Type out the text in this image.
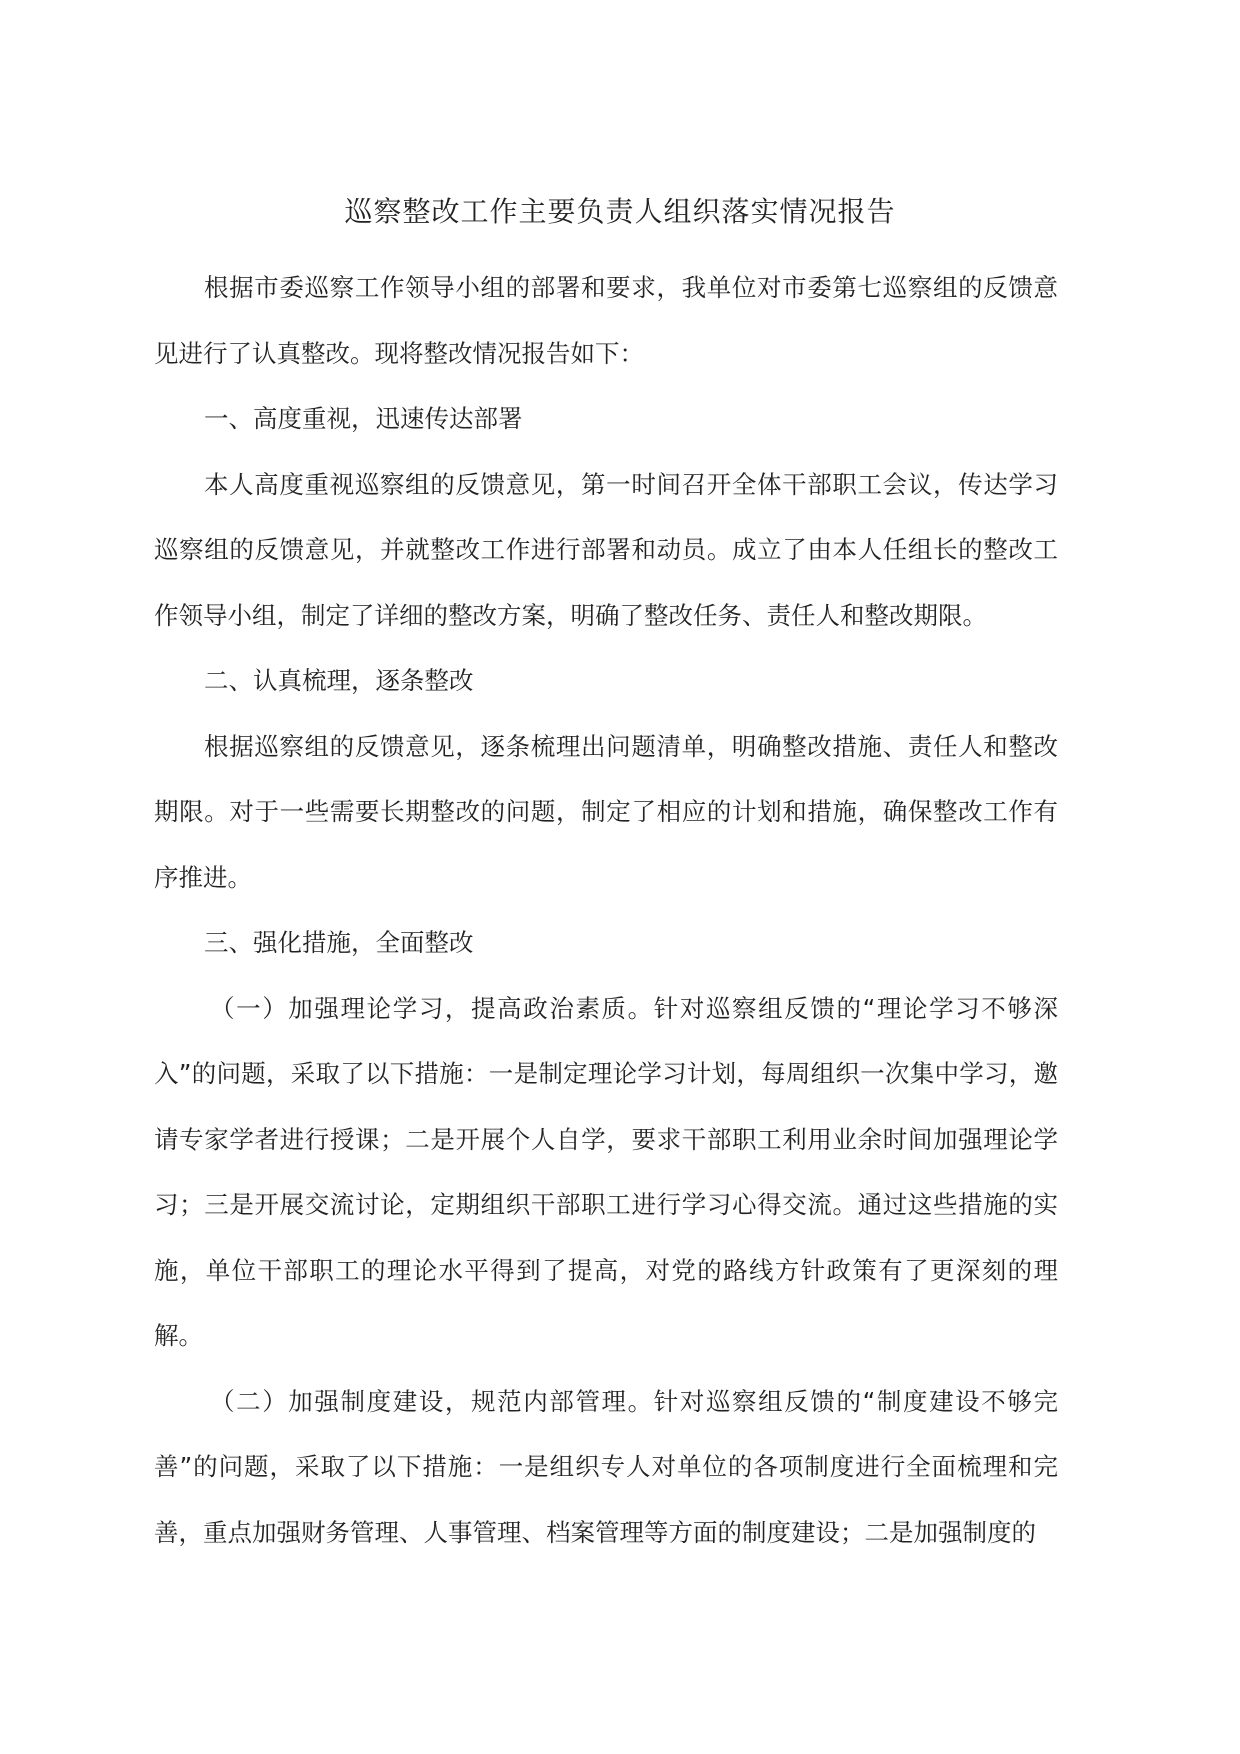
巡察整改工作主要负责人组织落实情况报告

根据市委巡察工作领导小组的部署和要求，我单位对市委第七巡察组的反馈意见进行了认真整改。现将整改情况报告如下：

一、高度重视，迅速传达部署

本人高度重视巡察组的反馈意见，第一时间召开全体干部职工会议，传达学习巡察组的反馈意见，并就整改工作进行部署和动员。成立了由本人任组长的整改工作领导小组，制定了详细的整改方案，明确了整改任务、责任人和整改期限。

二、认真梳理，逐条整改

根据巡察组的反馈意见，逐条梳理出问题清单，明确整改措施、责任人和整改期限。对于一些需要长期整改的问题，制定了相应的计划和措施，确保整改工作有序推进。

三、强化措施，全面整改

（一）加强理论学习，提高政治素质。针对巡察组反馈的“理论学习不够深入”的问题，采取了以下措施：一是制定理论学习计划，每周组织一次集中学习，邀请专家学者进行授课；二是开展个人自学，要求干部职工利用业余时间加强理论学习；三是开展交流讨论，定期组织干部职工进行学习心得交流。通过这些措施的实施，单位干部职工的理论水平得到了提高，对党的路线方针政策有了更深刻的理解。

（二）加强制度建设，规范内部管理。针对巡察组反馈的“制度建设不够完善”的问题，采取了以下措施：一是组织专人对单位的各项制度进行全面梳理和完善，重点加强财务管理、人事管理、档案管理等方面的制度建设；二是加强制度的
